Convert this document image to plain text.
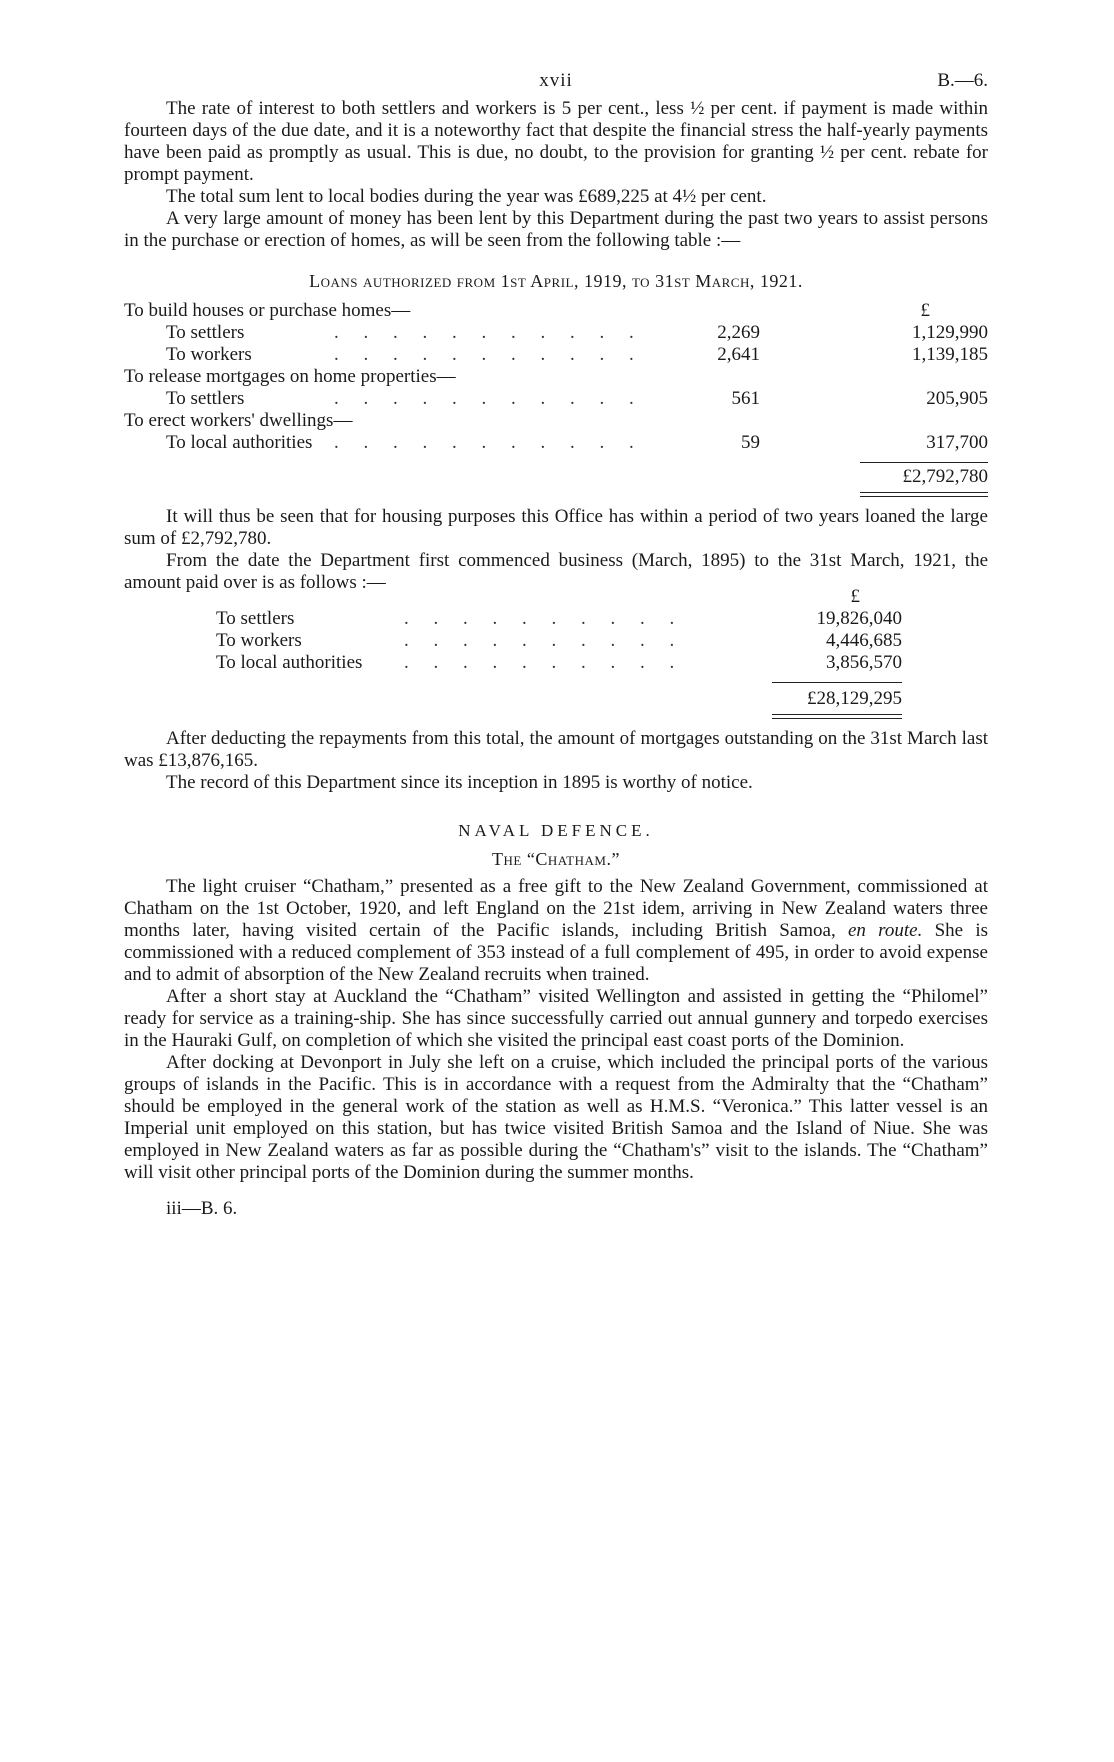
xvii	B.—6.

The rate of interest to both settlers and workers is 5 per cent., less ½ per cent. if payment is made within fourteen days of the due date, and it is a noteworthy fact that despite the financial stress the half-yearly payments have been paid as promptly as usual. This is due, no doubt, to the provision for granting ½ per cent. rebate for prompt payment.

The total sum lent to local bodies during the year was £689,225 at 4½ per cent.

A very large amount of money has been lent by this Department during the past two years to assist persons in the purchase or erection of homes, as will be seen from the following table :—

Loans authorized from 1st April, 1919, to 31st March, 1921.
To build houses or purchase homes—	£
To settlers	. . . . . . . . . . .	2,269	1,129,990
To workers	. . . . . . . . . . .	2,641	1,139,185
To release mortgages on home properties—
To settlers	. . . . . . . . . . .	561	205,905
To erect workers' dwellings—
To local authorities . . . . . . . . . . .	59	317,700
£2,792,780

It will thus be seen that for housing purposes this Office has within a period of two years loaned the large sum of £2,792,780.

From the date the Department first commenced business (March, 1895) to the 31st March, 1921, the amount paid over is as follows :—

£
To settlers	. . . . . . . . . .	19,826,040
To workers	. . . . . . . . . .	4,446,685
To local authorities . . . . . . . . . .	3,856,570
£28,129,295

After deducting the repayments from this total, the amount of mortgages outstanding on the 31st March last was £13,876,165.

The record of this Department since its inception in 1895 is worthy of notice.

NAVAL DEFENCE.
The “Chatham.”

The light cruiser “Chatham,” presented as a free gift to the New Zealand Government, commissioned at Chatham on the 1st October, 1920, and left England on the 21st idem, arriving in New Zealand waters three months later, having visited certain of the Pacific islands, including British Samoa, en route. She is commissioned with a reduced complement of 353 instead of a full complement of 495, in order to avoid expense and to admit of absorption of the New Zealand recruits when trained.

After a short stay at Auckland the “Chatham” visited Wellington and assisted in getting the “Philomel” ready for service as a training-ship. She has since successfully carried out annual gunnery and torpedo exercises in the Hauraki Gulf, on completion of which she visited the principal east coast ports of the Dominion.

After docking at Devonport in July she left on a cruise, which included the principal ports of the various groups of islands in the Pacific. This is in accordance with a request from the Admiralty that the “Chatham” should be employed in the general work of the station as well as H.M.S. “Veronica.” This latter vessel is an Imperial unit employed on this station, but has twice visited British Samoa and the Island of Niue. She was employed in New Zealand waters as far as possible during the “Chatham's” visit to the islands. The “Chatham” will visit other principal ports of the Dominion during the summer months.

iii—B. 6.
